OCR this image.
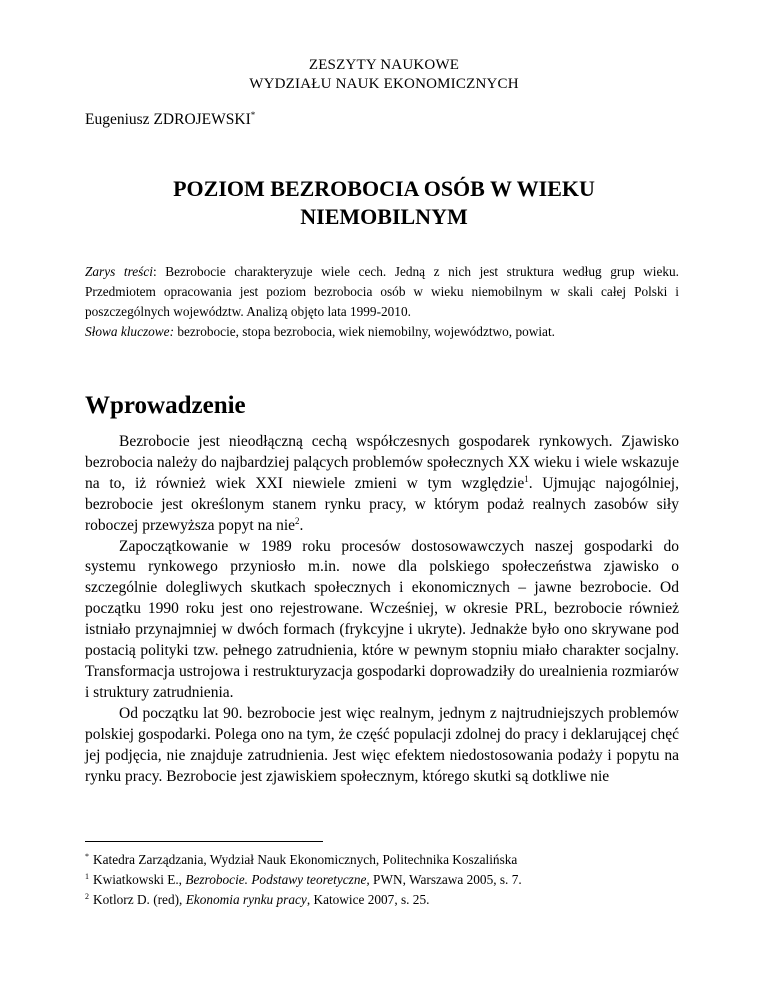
ZESZYTY NAUKOWE
WYDZIAŁU NAUK EKONOMICZNYCH
Eugeniusz ZDROJEWSKI*
POZIOM BEZROBOCIA OSÓB W WIEKU
NIEMOBILNYM

Zarys treści: Bezrobocie charakteryzuje wiele cech. Jedną z nich jest struktura według grup wieku. Przedmiotem opracowania jest poziom bezrobocia osób w wieku niemobilnym w skali całej Polski i poszczególnych województw. Analizą objęto lata 1999-2010.

Słowa kluczowe: bezrobocie, stopa bezrobocia, wiek niemobilny, województwo, powiat.

Wprowadzenie

Bezrobocie jest nieodłączną cechą współczesnych gospodarek rynkowych. Zjawisko bezrobocia należy do najbardziej palących problemów społecznych XX wieku i wiele wskazuje na to, iż również wiek XXI niewiele zmieni w tym względzie$^1$. Ujmując najogólniej, bezrobocie jest określonym stanem rynku pracy, w którym podaż realnych zasobów siły roboczej przewyższa popyt na nie$^2$.

Zapoczątkowanie w 1989 roku procesów dostosowawczych naszej gospodarki do systemu rynkowego przyniosło m.in. nowe dla polskiego społeczeństwa zjawisko o szczególnie dolegliwych skutkach społecznych i ekonomicznych – jawne bezrobocie. Od początku 1990 roku jest ono rejestrowane. Wcześniej, w okresie PRL, bezrobocie również istniało przynajmniej w dwóch formach (frykcyjne i ukryte). Jednakże było ono skrywane pod postacią polityki tzw. pełnego zatrudnienia, które w pewnym stopniu miało charakter socjalny. Transformacja ustrojowa i restrukturyzacja gospodarki doprowadziły do urealnienia rozmiarów i struktury zatrudnienia.

Od początku lat 90. bezrobocie jest więc realnym, jednym z najtrudniejszych problemów polskiej gospodarki. Polega ono na tym, że część populacji zdolnej do pracy i deklarującej chęć jej podjęcia, nie znajduje zatrudnienia. Jest więc efektem niedostosowania podaży i popytu na rynku pracy. Bezrobocie jest zjawiskiem społecznym, którego skutki są dotkliwe nie

* Katedra Zarządzania, Wydział Nauk Ekonomicznych, Politechnika Koszalińska
$^1$ Kwiatkowski E., Bezrobocie. Podstawy teoretyczne, PWN, Warszawa 2005, s. 7.
$^2$ Kotlorz D. (red), Ekonomia rynku pracy, Katowice 2007, s. 25.
